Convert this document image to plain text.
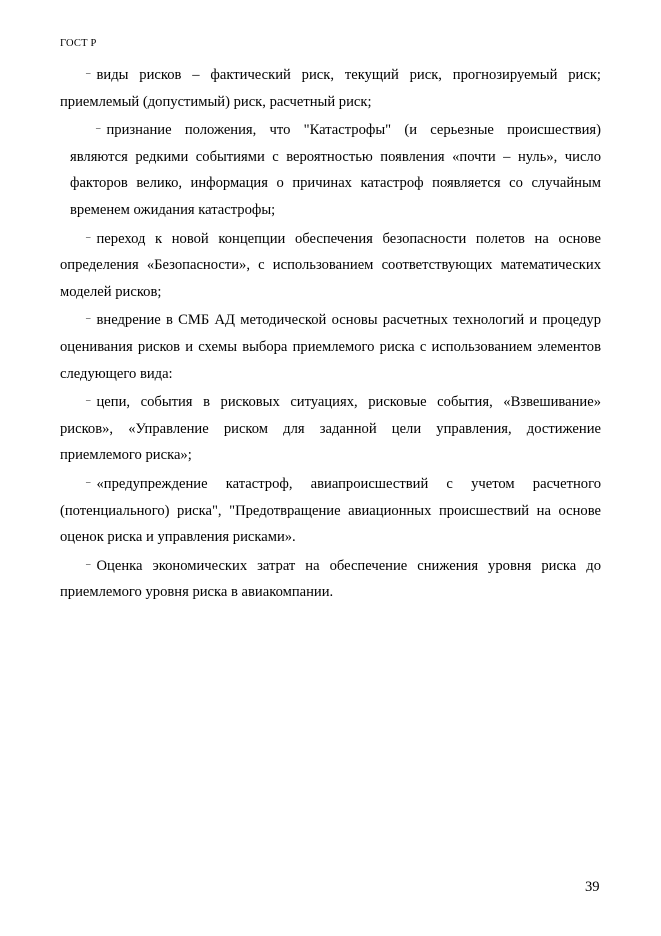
ГОСТ Р

– виды рисков – фактический риск, текущий риск, прогнозируемый риск; приемлемый (допустимый) риск, расчетный риск;

– признание положения, что "Катастрофы" (и серьезные происшествия) являются редкими событиями с вероятностью появления «почти – нуль», число факторов велико, информация о причинах катастроф появляется со случайным временем ожидания катастрофы;

– переход к новой концепции обеспечения безопасности полетов на основе определения «Безопасности», с использованием соответствующих математических моделей рисков;

– внедрение в СМБ АД методической основы расчетных технологий и процедур оценивания рисков и схемы выбора приемлемого риска с использованием элементов следующего вида:

– цепи, события в рисковых ситуациях, рисковые события, «Взвешивание» рисков», «Управление риском для заданной цели управления, достижение приемлемого риска»;

– «предупреждение катастроф, авиапроисшествий с учетом расчетного (потенциального) риска", "Предотвращение авиационных происшествий на основе оценок риска и управления рисками».

– Оценка экономических затрат на обеспечение снижения уровня риска до приемлемого уровня риска в авиакомпании.

39
